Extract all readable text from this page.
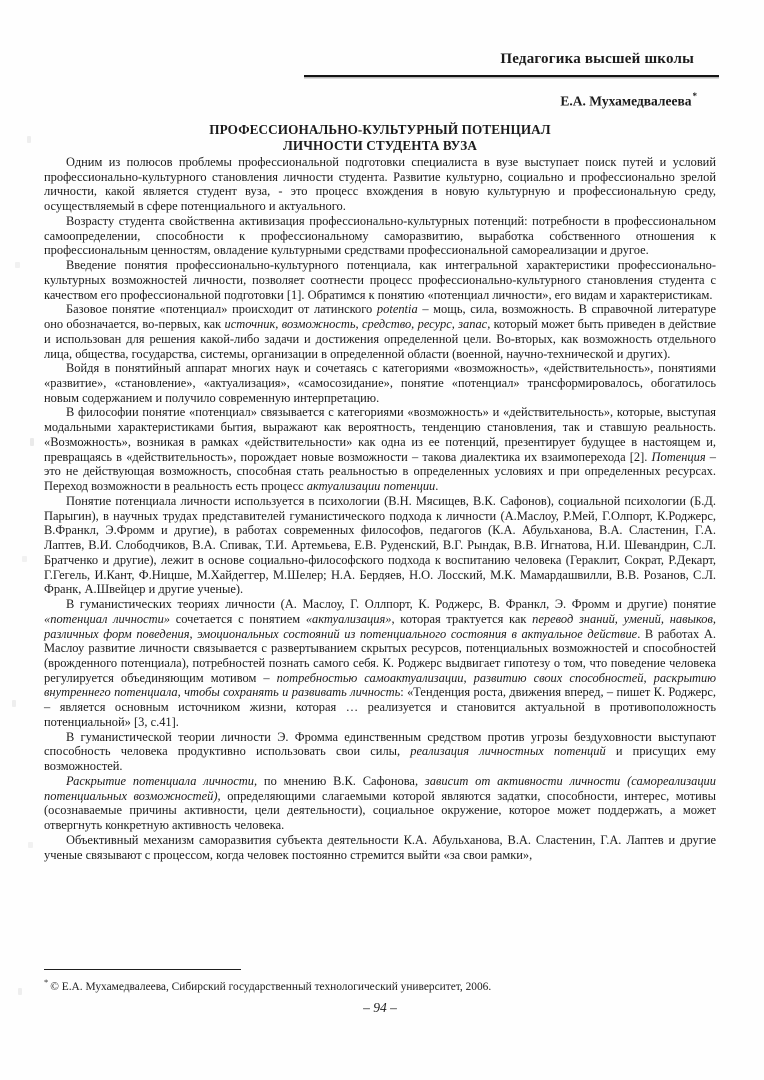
Педагогика высшей школы
Е.А. Мухамедвалеева*
ПРОФЕССИОНАЛЬНО-КУЛЬТУРНЫЙ ПОТЕНЦИАЛ
ЛИЧНОСТИ СТУДЕНТА ВУЗА

Одним из полюсов проблемы профессиональной подготовки специалиста в вузе выступает поиск путей и условий профессионально-культурного становления личности студента. Развитие культурно, социально и профессионально зрелой личности, какой является студент вуза, - это процесс вхождения в новую культурную и профессиональную среду, осуществляемый в сфере потенциального и актуального.

Возрасту студента свойственна активизация профессионально-культурных потенций: потребности в профессиональном самоопределении, способности к профессиональному саморазвитию, выработка собственного отношения к профессиональным ценностям, овладение культурными средствами профессиональной самореализации и другое.

Введение понятия профессионально-культурного потенциала, как интегральной характеристики профессионально-культурных возможностей личности, позволяет соотнести процесс профессионально-культурного становления студента с качеством его профессиональной подготовки [1]. Обратимся к понятию «потенциал личности», его видам и характеристикам.

Базовое понятие «потенциал» происходит от латинского potentia – мощь, сила, возможность. В справочной литературе оно обозначается, во-первых, как источник, возможность, средство, ресурс, запас, который может быть приведен в действие и использован для решения какой-либо задачи и достижения определенной цели. Во-вторых, как возможность отдельного лица, общества, государства, системы, организации в определенной области (военной, научно-технической и других).

Войдя в понятийный аппарат многих наук и сочетаясь с категориями «возможность», «действительность», понятиями «развитие», «становление», «актуализация», «самосозидание», понятие «потенциал» трансформировалось, обогатилось новым содержанием и получило современную интерпретацию.

В философии понятие «потенциал» связывается с категориями «возможность» и «действительность», которые, выступая модальными характеристиками бытия, выражают как вероятность, тенденцию становления, так и ставшую реальность. «Возможность», возникая в рамках «действительности» как одна из ее потенций, презентирует будущее в настоящем и, превращаясь в «действительность», порождает новые возможности – такова диалектика их взаимоперехода [2]. Потенция – это не действующая возможность, способная стать реальностью в определенных условиях и при определенных ресурсах. Переход возможности в реальность есть процесс актуализации потенции.

Понятие потенциала личности используется в психологии (В.Н. Мясищев, В.К. Сафонов), социальной психологии (Б.Д. Парыгин), в научных трудах представителей гуманистического подхода к личности (А.Маслоу, Р.Мей, Г.Олпорт, К.Роджерс, В.Франкл, Э.Фромм и другие), в работах современных философов, педагогов (К.А. Абульханова, В.А. Сластенин, Г.А. Лаптев, В.И. Слободчиков, В.А. Спивак, Т.И. Артемьева, Е.В. Руденский, В.Г. Рындак, В.В. Игнатова, Н.И. Шевандрин, С.Л. Братченко и другие), лежит в основе социально-философского подхода к воспитанию человека (Гераклит, Сократ, Р.Декарт, Г.Гегель, И.Кант, Ф.Ницше, М.Хайдеггер, М.Шелер; Н.А. Бердяев, Н.О. Лосский, М.К. Мамардашвилли, В.В. Розанов, С.Л. Франк, А.Швейцер и другие ученые).

В гуманистических теориях личности (А. Маслоу, Г. Оллпорт, К. Роджерс, В. Франкл, Э. Фромм и другие) понятие «потенциал личности» сочетается с понятием «актуализация», которая трактуется как перевод знаний, умений, навыков, различных форм поведения, эмоциональных состояний из потенциального состояния в актуальное действие. В работах А. Маслоу развитие личности связывается с развертыванием скрытых ресурсов, потенциальных возможностей и способностей (врожденного потенциала), потребностей познать самого себя. К. Роджерс выдвигает гипотезу о том, что поведение человека регулируется объединяющим мотивом – потребностью самоактуализации, развитию своих способностей, раскрытию внутреннего потенциала, чтобы сохранять и развивать личность: «Тенденция роста, движения вперед, – пишет К. Роджерс, – является основным источником жизни, которая … реализуется и становится актуальной в противоположность потенциальной» [3, с.41].

В гуманистической теории личности Э. Фромма единственным средством против угрозы бездуховности выступают способность человека продуктивно использовать свои силы, реализация личностных потенций и присущих ему возможностей.

Раскрытие потенциала личности, по мнению В.К. Сафонова, зависит от активности личности (самореализации потенциальных возможностей), определяющими слагаемыми которой являются задатки, способности, интерес, мотивы (осознаваемые причины активности, цели деятельности), социальное окружение, которое может поддержать, а может отвергнуть конкретную активность человека.

Объективный механизм саморазвития субъекта деятельности К.А. Абульханова, В.А. Сластенин, Г.А. Лаптев и другие ученые связывают с процессом, когда человек постоянно стремится выйти «за свои рамки»,

* © Е.А. Мухамедвалеева, Сибирский государственный технологический университет, 2006.
– 94 –
